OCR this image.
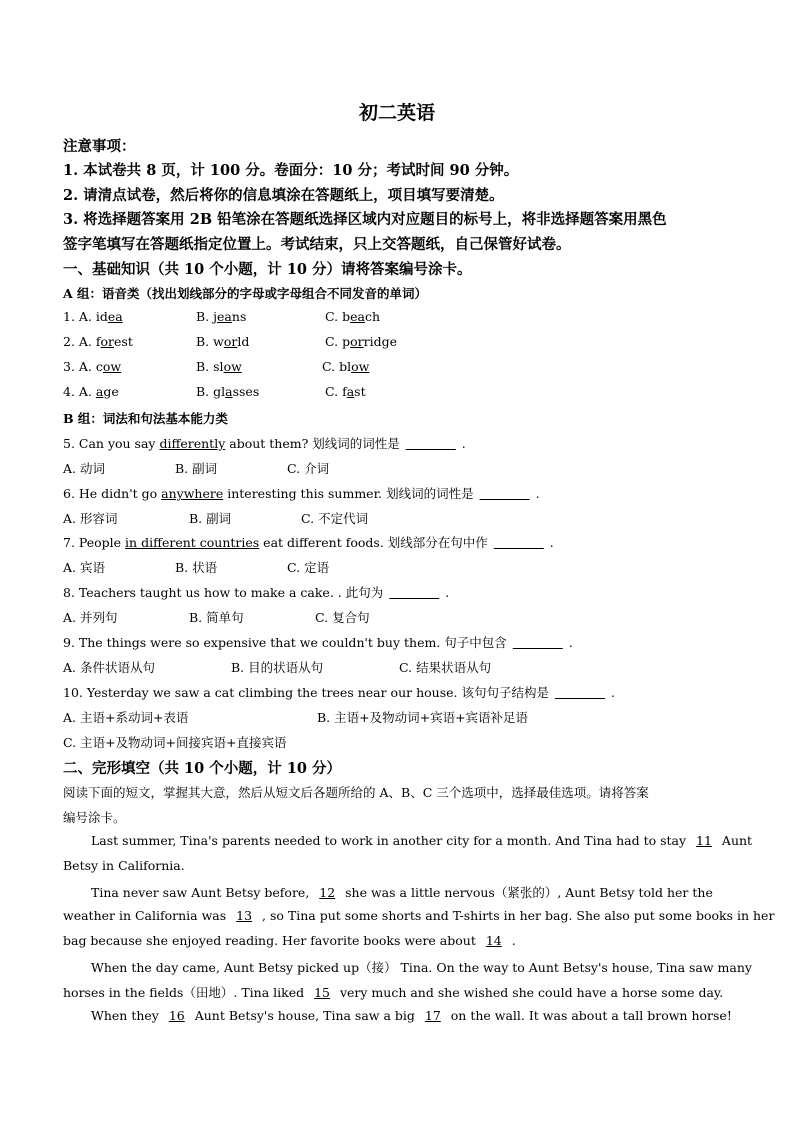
初二英语
注意事项：
1. 本试卷共 8 页，计 100 分。卷面分：10 分；考试时间 90 分钟。
2. 请清点试卷，然后将你的信息填涂在答题纸上，项目填写要清楚。
3. 将选择题答案用 2B 铅笔涂在答题纸选择区域内对应题目的标号上，将非选择题答案用黑色
签字笔填写在答题纸指定位置上。考试结束，只上交答题纸，自己保管好试卷。
一、基础知识（共 10 个小题，计 10 分）请将答案编号涂卡。
A 组：语音类（找出划线部分的字母或字母组合不同发音的单词）
1. A. idea	B. jeans	C. beach
2. A. forest	B. world	C. porridge
3. A. cow	B. slow	C. blow
4. A. age	B. glasses	C. fast
B 组：词法和句法基本能力类
5. Can you say differently about them? 划线词的词性是    	.
A. 动词	B. 副词	C. 介词
6. He didn't go anywhere interesting this summer. 划线词的词性是    	.
A. 形容词	B. 副词	C. 不定代词
7. People in different countries eat different foods. 划线部分在句中作    	.
A. 宾语	B. 状语	C. 定语
8. Teachers taught us how to make a cake. . 此句为    	.
A. 并列句	B. 简单句	C. 复合句
9. The things were so expensive that we couldn't buy them. 句子中包含    	.
A. 条件状语从句	B. 目的状语从句	C. 结果状语从句
10. Yesterday we saw a cat climbing the trees near our house. 该句句子结构是    	.
A. 主语+系动词+表语	B. 主语+及物动词+宾语+宾语补足语
C. 主语+及物动词+间接宾语+直接宾语
二、完形填空（共 10 个小题，计 10 分）
阅读下面的短文，掌握其大意，然后从短文后各题所给的 A、B、C 三个选项中，选择最佳选项。请将答案
编号涂卡。
Last summer, Tina's parents needed to work in another city for a month. And Tina had to stay 11 Aunt
Betsy in California.
Tina never saw Aunt Betsy before, 12 she was a little nervous（紧张的）, Aunt Betsy told her the
weather in California was 13 , so Tina put some shorts and T-shirts in her bag. She also put some books in her
bag because she enjoyed reading. Her favorite books were about 14 .
When the day came, Aunt Betsy picked up（接） Tina. On the way to Aunt Betsy's house, Tina saw many
horses in the fields（田地）. Tina liked 15 very much and she wished she could have a horse some day.
When they 16 Aunt Betsy's house, Tina saw a big 17 on the wall. It was about a tall brown horse!
